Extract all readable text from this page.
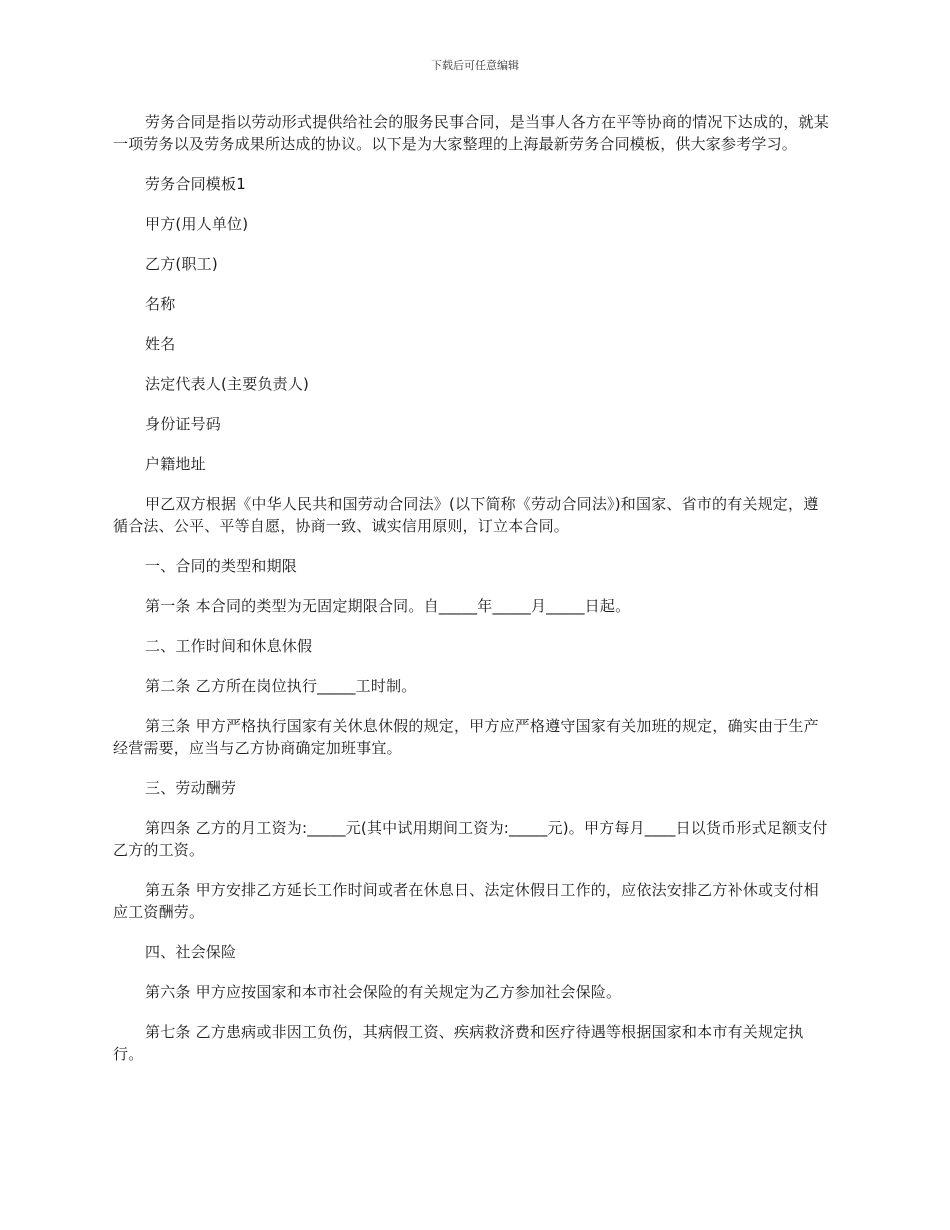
下载后可任意编辑

劳务合同是指以劳动形式提供给社会的服务民事合同，是当事人各方在平等协商的情况下达成的，就某一项劳务以及劳务成果所达成的协议。以下是为大家整理的上海最新劳务合同模板，供大家参考学习。

劳务合同模板1

甲方(用人单位)

乙方(职工)

名称

姓名

法定代表人(主要负责人)

身份证号码

户籍地址

甲乙双方根据《中华人民共和国劳动合同法》(以下简称《劳动合同法》)和国家、省市的有关规定，遵循合法、公平、平等自愿，协商一致、诚实信用原则，订立本合同。

一、合同的类型和期限

第一条 本合同的类型为无固定期限合同。自_____年_____月_____日起。

二、工作时间和休息休假

第二条 乙方所在岗位执行_____工时制。

第三条 甲方严格执行国家有关休息休假的规定，甲方应严格遵守国家有关加班的规定，确实由于生产经营需要，应当与乙方协商确定加班事宜。

三、劳动酬劳

第四条 乙方的月工资为:_____元(其中试用期间工资为:_____元)。甲方每月____日以货币形式足额支付乙方的工资。

第五条 甲方安排乙方延长工作时间或者在休息日、法定休假日工作的，应依法安排乙方补休或支付相应工资酬劳。

四、社会保险

第六条 甲方应按国家和本市社会保险的有关规定为乙方参加社会保险。

第七条 乙方患病或非因工负伤，其病假工资、疾病救济费和医疗待遇等根据国家和本市有关规定执行。
